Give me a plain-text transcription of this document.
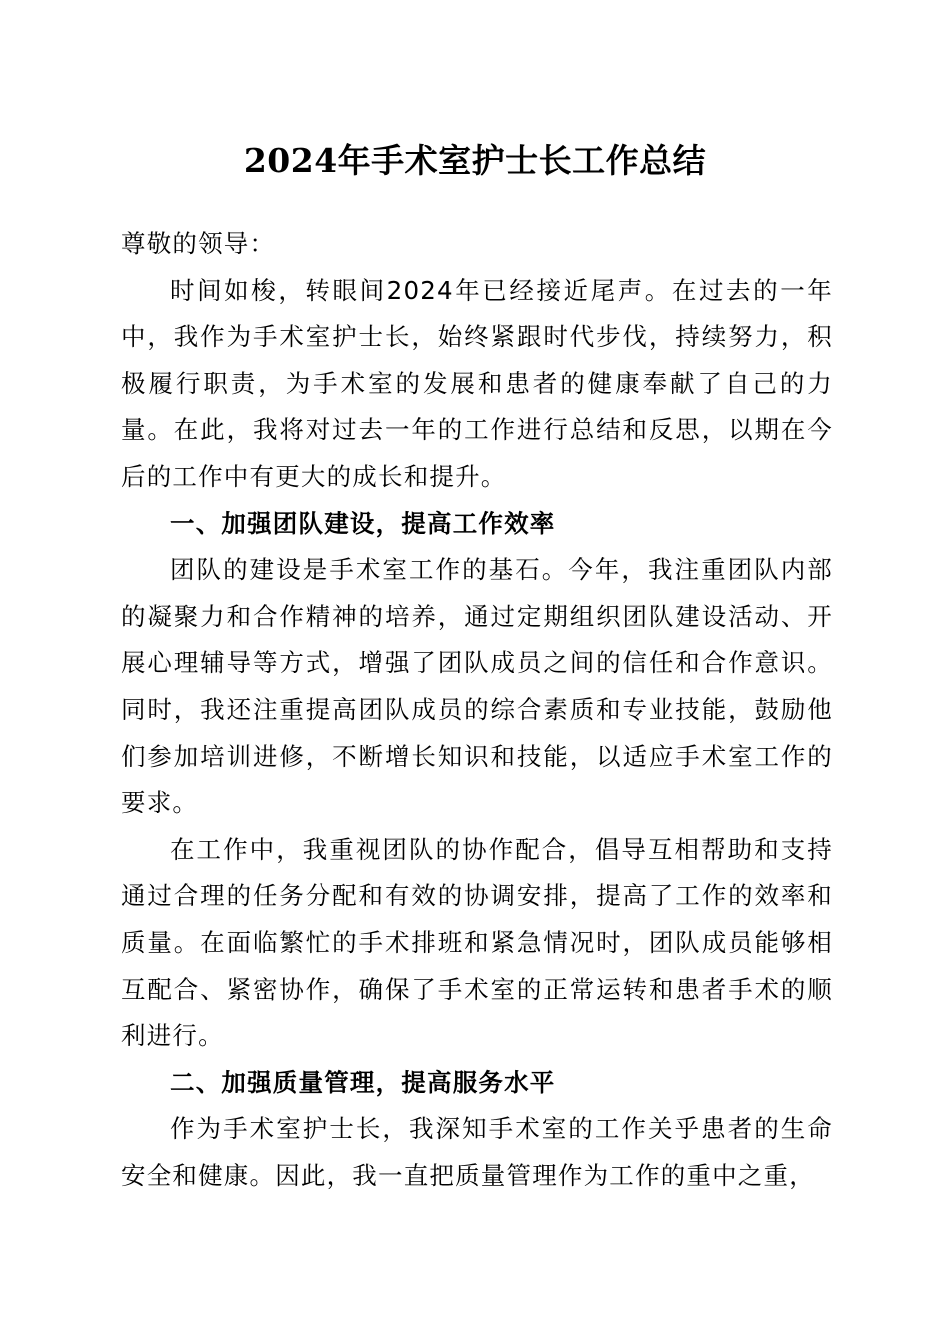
2024年手术室护士长工作总结

尊敬的领导：

时间如梭，转眼间2024年已经接近尾声。在过去的一年中，我作为手术室护士长，始终紧跟时代步伐，持续努力，积极履行职责，为手术室的发展和患者的健康奉献了自己的力量。在此，我将对过去一年的工作进行总结和反思，以期在今后的工作中有更大的成长和提升。

一、加强团队建设，提高工作效率

团队的建设是手术室工作的基石。今年，我注重团队内部的凝聚力和合作精神的培养，通过定期组织团队建设活动、开展心理辅导等方式，增强了团队成员之间的信任和合作意识。同时，我还注重提高团队成员的综合素质和专业技能，鼓励他们参加培训进修，不断增长知识和技能，以适应手术室工作的要求。

在工作中，我重视团队的协作配合，倡导互相帮助和支持通过合理的任务分配和有效的协调安排，提高了工作的效率和质量。在面临繁忙的手术排班和紧急情况时，团队成员能够相互配合、紧密协作，确保了手术室的正常运转和患者手术的顺利进行。

二、加强质量管理，提高服务水平

作为手术室护士长，我深知手术室的工作关乎患者的生命安全和健康。因此，我一直把质量管理作为工作的重中之重，
